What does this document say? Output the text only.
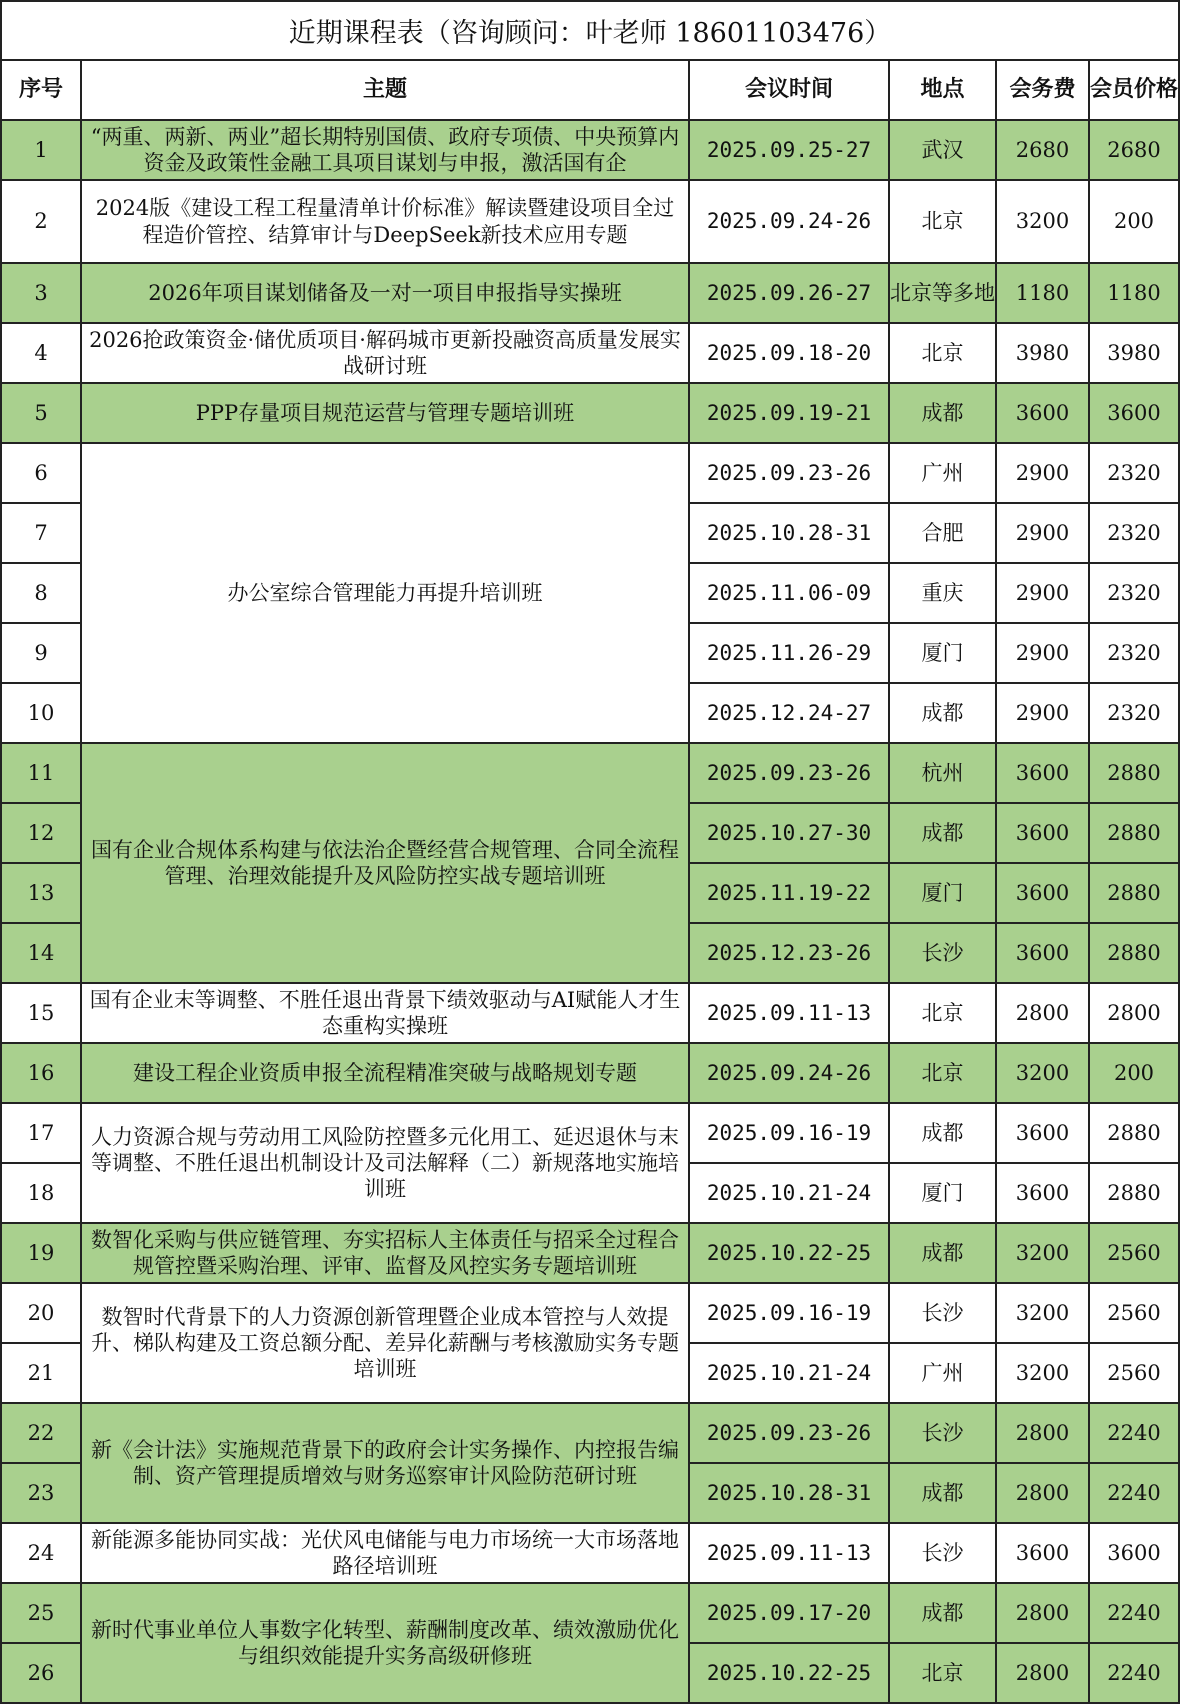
近期课程表（咨询顾问：叶老师 18601103476）
序号	主题	会议时间	地点	会务费 会员价格
1	2025.09.25-27	武汉	2680	2680
“两重、两新、两业”超长期特别国债、政府专项债、中央预算内资金及政策性金融工具项目谋划与申报，激活国有企
2	2025.09.24-26	北京	3200	200
2024版《建设工程工程量清单计价标准》解读暨建设项目全过程造价管控、结算审计与DeepSeek新技术应用专题
3	2025.09.26-27 北京等多地 1180	1180
2026年项目谋划储备及一对一项目申报指导实操班
4	2025.09.18-20	北京	3980	3980
2026抢政策资金·储优质项目·解码城市更新投融资高质量发展实战研讨班
5	2025.09.19-21	成都	3600	3600
PPP存量项目规范运营与管理专题培训班
6	2025.09.23-26	广州	2900	2320
7	2025.10.28-31	合肥	2900	2320
8	2025.11.06-09	重庆	2900	2320
9	2025.11.26-29	厦门	2900	2320
10	2025.12.24-27	成都	2900	2320
办公室综合管理能力再提升培训班
11	2025.09.23-26	杭州	3600	2880
12	2025.10.27-30	成都	3600	2880
13	2025.11.19-22	厦门	3600	2880
14	2025.12.23-26	长沙	3600	2880
国有企业合规体系构建与依法治企暨经营合规管理、合同全流程管理、治理效能提升及风险防控实战专题培训班
15	2025.09.11-13	北京	2800	2800
国有企业末等调整、不胜任退出背景下绩效驱动与AI赋能人才生态重构实操班
16	2025.09.24-26	北京	3200	200
建设工程企业资质申报全流程精准突破与战略规划专题
17	2025.09.16-19	成都	3600	2880
18	2025.10.21-24	厦门	3600	2880
人力资源合规与劳动用工风险防控暨多元化用工、延迟退休与末等调整、不胜任退出机制设计及司法解释（二）新规落地实施培训班
19	2025.10.22-25	成都	3200	2560
数智化采购与供应链管理、夯实招标人主体责任与招采全过程合规管控暨采购治理、评审、监督及风控实务专题培训班
20	2025.09.16-19	长沙	3200	2560
21	2025.10.21-24	广州	3200	2560
数智时代背景下的人力资源创新管理暨企业成本管控与人效提升、梯队构建及工资总额分配、差异化薪酬与考核激励实务专题培训班
22	2025.09.23-26	长沙	2800	2240
23	2025.10.28-31	成都	2800	2240
新《会计法》实施规范背景下的政府会计实务操作、内控报告编制、资产管理提质增效与财务巡察审计风险防范研讨班
24	2025.09.11-13	长沙	3600	3600
新能源多能协同实战：光伏风电储能与电力市场统一大市场落地路径培训班
25	2025.09.17-20	成都	2800	2240
26	2025.10.22-25	北京	2800	2240
新时代事业单位人事数字化转型、薪酬制度改革、绩效激励优化与组织效能提升实务高级研修班
